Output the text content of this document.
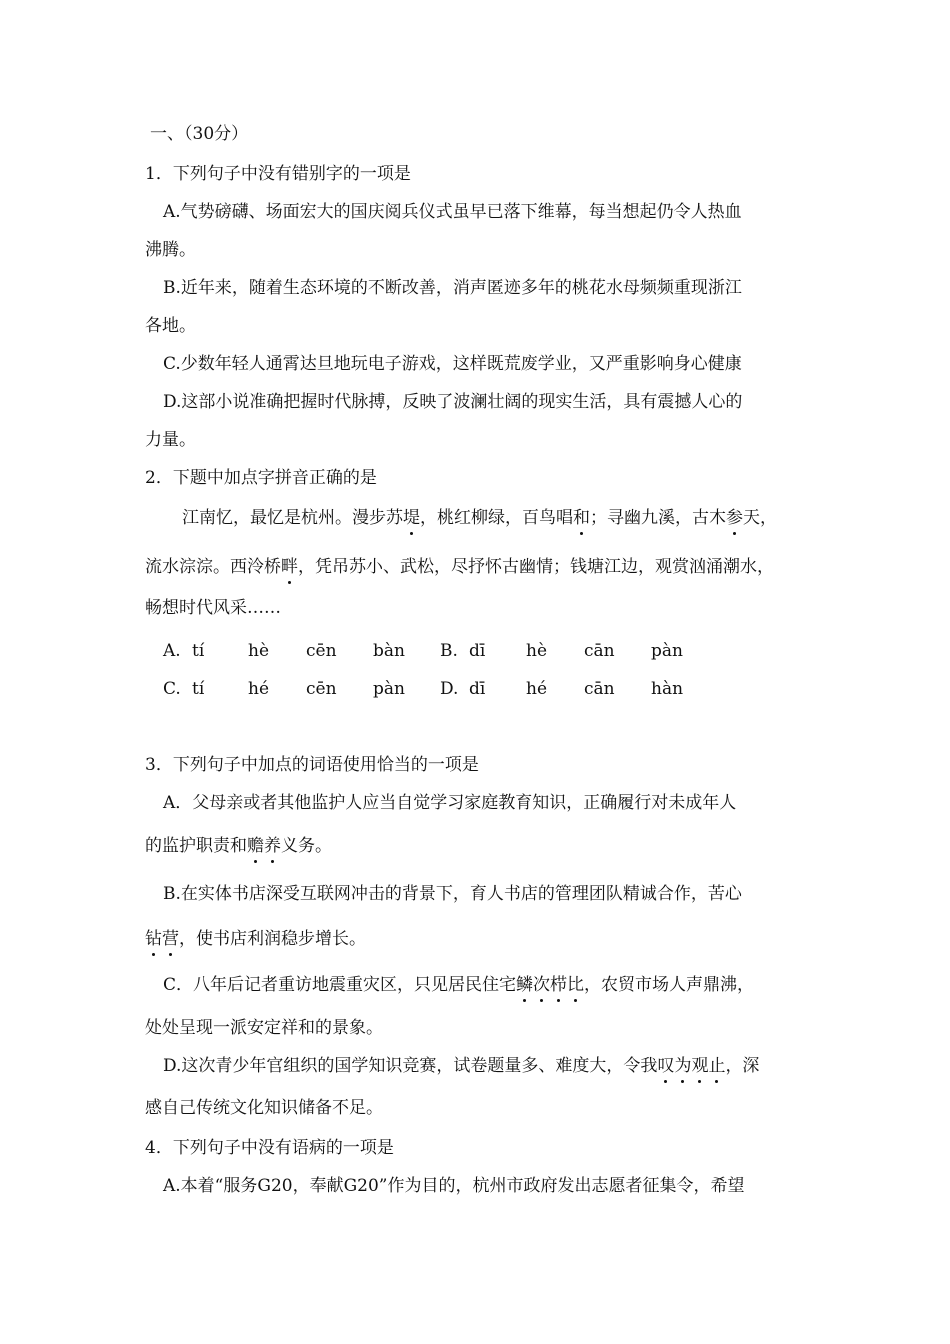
一、（30分）
1．下列句子中没有错别字的一项是
A.气势磅礴、场面宏大的国庆阅兵仪式虽早已落下维幕，每当想起仍令人热血
沸腾。
B.近年来，随着生态环境的不断改善，消声匿迹多年的桃花水母频频重现浙江
各地。
C.少数年轻人通霄达旦地玩电子游戏，这样既荒废学业，又严重影响身心健康
D.这部小说准确把握时代脉搏，反映了波澜壮阔的现实生活，具有震撼人心的
力量。
2．下题中加点字拼音正确的是
江南忆，最忆是杭州。漫步苏堤，桃红柳绿，百鸟唱和；寻幽九溪，古木参天，
流水淙淙。西泠桥畔，凭吊苏小、武松，尽抒怀古幽情；钱塘江边，观赏汹涌潮水，
畅想时代风采……
A. tí	hè cēn bàn B. dī hè cān pàn
C. tí	hé cēn pàn D. dī hé cān hàn
3．下列句子中加点的词语使用恰当的一项是
A．父母亲或者其他监护人应当自觉学习家庭教育知识，正确履行对未成年人
的监护职责和赡养义务。
B.在实体书店深受互联网冲击的背景下，育人书店的管理团队精诚合作，苦心
钻营，使书店利润稳步增长。
C．八年后记者重访地震重灾区，只见居民住宅鳞次栉比，农贸市场人声鼎沸，
处处呈现一派安定祥和的景象。
D.这次青少年官组织的国学知识竞赛，试卷题量多、难度大，令我叹为观止，深
感自己传统文化知识储备不足。
4．下列句子中没有语病的一项是
A.本着“服务G20，奉献G20”作为目的，杭州市政府发出志愿者征集令，希望
